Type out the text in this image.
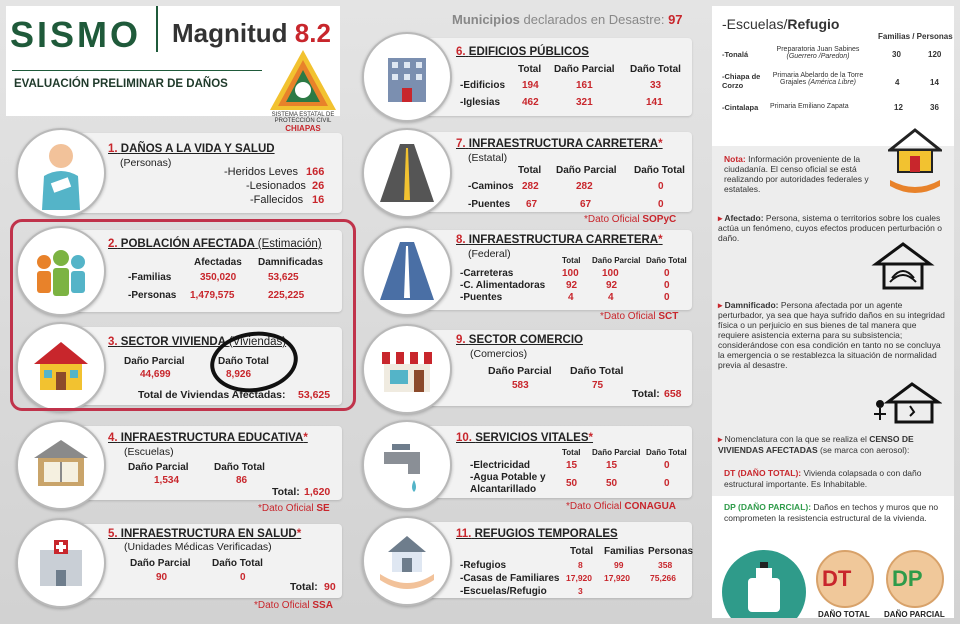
SISMO Magnitud 8.2
EVALUACIÓN PRELIMINAR DE DAÑOS
SISTEMA ESTATAL DE PROTECCIÓN CIVIL
CHIAPAS
Municipios declarados en Desastre: 97
1. DAÑOS A LA VIDA Y SALUD
(Personas)
-Heridos Leves 166
-Lesionados 26
-Fallecidos 16
2. POBLACIÓN AFECTADA (Estimación)
Afectadas Damnificadas
-Familias	350,020	53,625
-Personas 1,479,575	225,225
3. SECTOR VIVIENDA (Viviendas)
Daño Parcial	Daño Total
44,699	8,926
Total de Viviendas Afectadas: 53,625
4. INFRAESTRUCTURA EDUCATIVA*
(Escuelas)
Daño Parcial	Daño Total
1,534	86
Total: 1,620
*Dato Oficial SE
5. INFRAESTRUCTURA EN SALUD*
(Unidades Médicas Verificadas)
Daño Parcial Daño Total
90	0
Total: 90
*Dato Oficial SSA
6. EDIFICIOS PÚBLICOS
Total Daño Parcial Daño Total
-Edificios 194	161	33
-Iglesias 462	321	141
7. INFRAESTRUCTURA CARRETERA*
(Estatal)
Total Daño Parcial Daño Total
-Caminos 282	282	0
-Puentes 67	67	0
*Dato Oficial SOPyC
8. INFRAESTRUCTURA CARRETERA*
(Federal)
Total Daño Parcial Daño Total
-Carreteras	100 100	0
-C. Alimentadoras 92	92	0
-Puentes	4	4	0
*Dato Oficial SCT
9. SECTOR COMERCIO
(Comercios)
Daño Parcial Daño Total
583	75
Total: 658
10. SERVICIOS VITALES*
Total Daño Parcial Daño Total
-Electricidad	15	15	0
-Agua Potable y Alcantarillado
50	50	0
*Dato Oficial CONAGUA
11. REFUGIOS TEMPORALES
Total Familias Personas
-Refugios	8	99	358
-Casas de Familiares 17,920 17,920 75,266
-Escuelas/Refugio	3
-Escuelas/Refugio
Familias / Personas
-Tonalá
Preparatoria Juan Sabines
(Guerrero /Paredon)	30	120
-Chiapa de Corzo
Primaria Abelardo de la Torre Grajales (América Libre)	4	14
-Cintalapa Primaria Emiliano Zapata	12	36
Nota: Información proveniente de la ciudadanía. El censo oficial se está realizando por autoridades federales y estatales.
▸ Afectado: Persona, sistema o territorios sobre los cuales actúa un fenómeno, cuyos efectos producen perturbación o daño.
▸ Damnificado: Persona afectada por un agente perturbador, ya sea que haya sufrido daños en su integridad física o un perjuicio en sus bienes de tal manera que requiere asistencia externa para su subsistencia; considerándose con esa condición en tanto no se concluya la emergencia o se restablezca la situación de normalidad previa al desastre.
▸ Nomenclatura con la que se realiza el CENSO DE VIVIENDAS AFECTADAS (se marca con aerosol):
DT (DAÑO TOTAL): Vivienda colapsada o con daño estructural importante. Es Inhabitable.
DP (DAÑO PARCIAL): Daños en techos y muros que no comprometen la resistencia estructural de la vivienda.
DT DP
DAÑO TOTAL DAÑO PARCIAL
